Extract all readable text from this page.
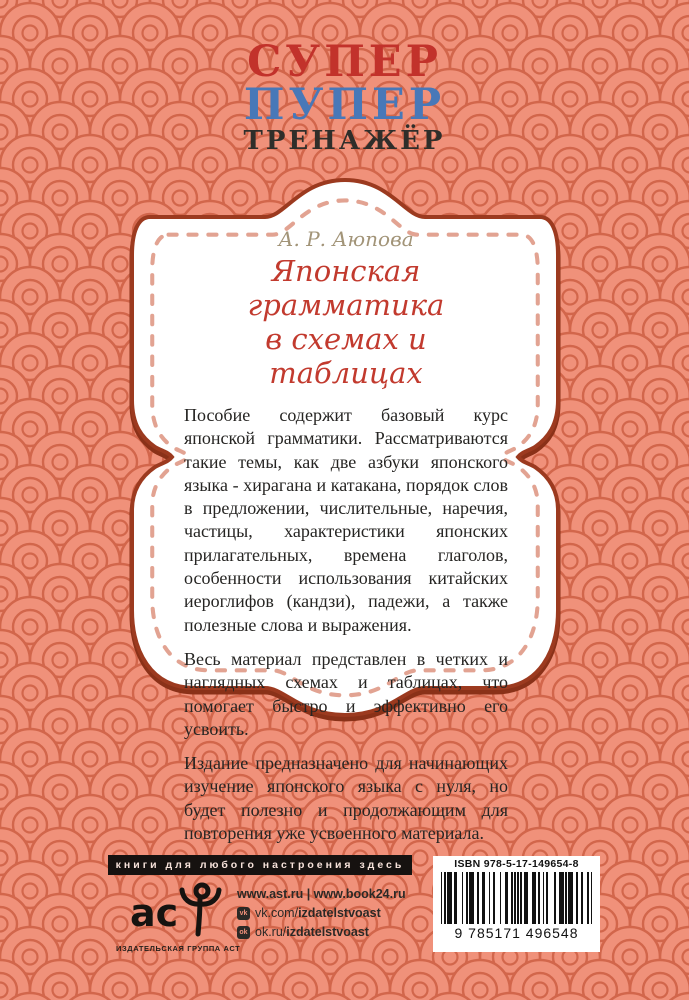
СУПЕР
ПУПЕР
ТРЕНАЖЁР
А. Р. Аюпова
Японская грамматика
в схемах и таблицах

Пособие содержит базовый курс японской грамматики. Рассматриваются такие темы, как две азбуки японского языка - хирагана и катакана, порядок слов в предложении, числительные, наречия, частицы, характеристики японских прилагательных, времена глаголов, особенности использования китайских иероглифов (кандзи), падежи, а также полезные слова и выражения.

Весь материал представлен в четких и наглядных схемах и таблицах, что помогает быстро и эффективно его усвоить.

Издание предназначено для начинающих изучение японского языка с нуля, но будет полезно и продолжающим для повторения уже усвоенного материала.

книги для любого настроения здесь
ас
ИЗДАТЕЛЬСКАЯ ГРУППА АСТ
www.ast.ru | www.book24.ru
vk vk.com/izdatelstvoast
ok ok.ru/izdatelstvoast
ISBN 978-5-17-149654-8
9 785171 496548
